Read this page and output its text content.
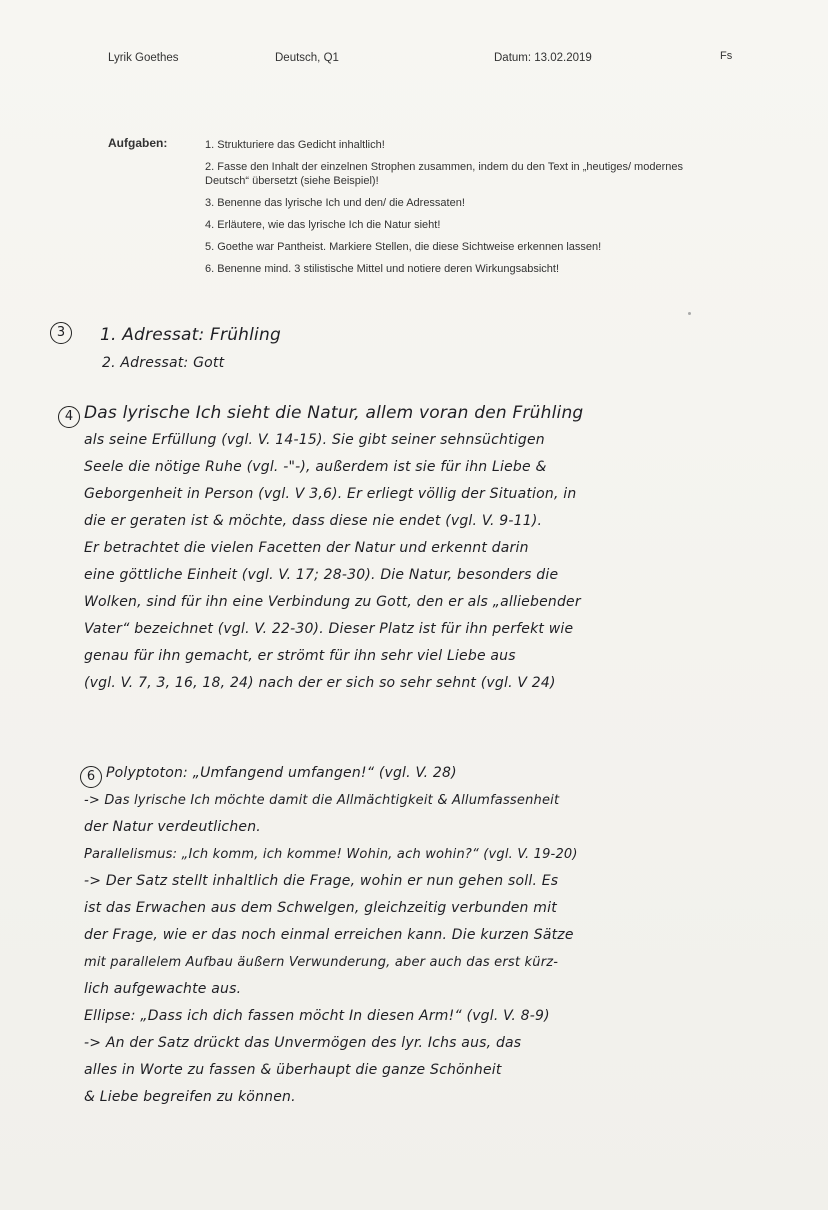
Lyrik Goethes	Deutsch, Q1	Datum: 13.02.2019	Fs
Aufgaben:	1. Strukturiere das Gedicht inhaltlich!
2. Fasse den Inhalt der einzelnen Strophen zusammen, indem du den Text in „heutiges/ modernes Deutsch“ übersetzt (siehe Beispiel)!
3. Benenne das lyrische Ich und den/ die Adressaten!
4. Erläutere, wie das lyrische Ich die Natur sieht!
5. Goethe war Pantheist. Markiere Stellen, die diese Sichtweise erkennen lassen!
6. Benenne mind. 3 stilistische Mittel und notiere deren Wirkungsabsicht!
3	1. Adressat: Frühling
2. Adressat: Gott
4 Das lyrische Ich sieht die Natur, allem voran den Frühling
als seine Erfüllung (vgl. V. 14-15). Sie gibt seiner sehnsüchtigen
Seele die nötige Ruhe (vgl. -"-), außerdem ist sie für ihn Liebe &
Geborgenheit in Person (vgl. V 3,6). Er erliegt völlig der Situation, in
die er geraten ist & möchte, dass diese nie endet (vgl. V. 9-11).
Er betrachtet die vielen Facetten der Natur und erkennt darin
eine göttliche Einheit (vgl. V. 17; 28-30). Die Natur, besonders die
Wolken, sind für ihn eine Verbindung zu Gott, den er als „alliebender
Vater“ bezeichnet (vgl. V. 22-30). Dieser Platz ist für ihn perfekt wie
genau für ihn gemacht, er strömt für ihn sehr viel Liebe aus
(vgl. V. 7, 3, 16, 18, 24) nach der er sich so sehr sehnt (vgl. V 24)
6 Polyptoton: „Umfangend umfangen!“ (vgl. V. 28)
-> Das lyrische Ich möchte damit die Allmächtigkeit & Allumfassenheit
der Natur verdeutlichen.
Parallelismus: „Ich komm, ich komme! Wohin, ach wohin?“ (vgl. V. 19-20)
-> Der Satz stellt inhaltlich die Frage, wohin er nun gehen soll. Es
ist das Erwachen aus dem Schwelgen, gleichzeitig verbunden mit
der Frage, wie er das noch einmal erreichen kann. Die kurzen Sätze
mit parallelem Aufbau äußern Verwunderung, aber auch das erst kürz-
lich aufgewachte aus.
Ellipse: „Dass ich dich fassen möcht In diesen Arm!“ (vgl. V. 8-9)
-> An der Satz drückt das Unvermögen des lyr. Ichs aus, das
alles in Worte zu fassen & überhaupt die ganze Schönheit
& Liebe begreifen zu können.
